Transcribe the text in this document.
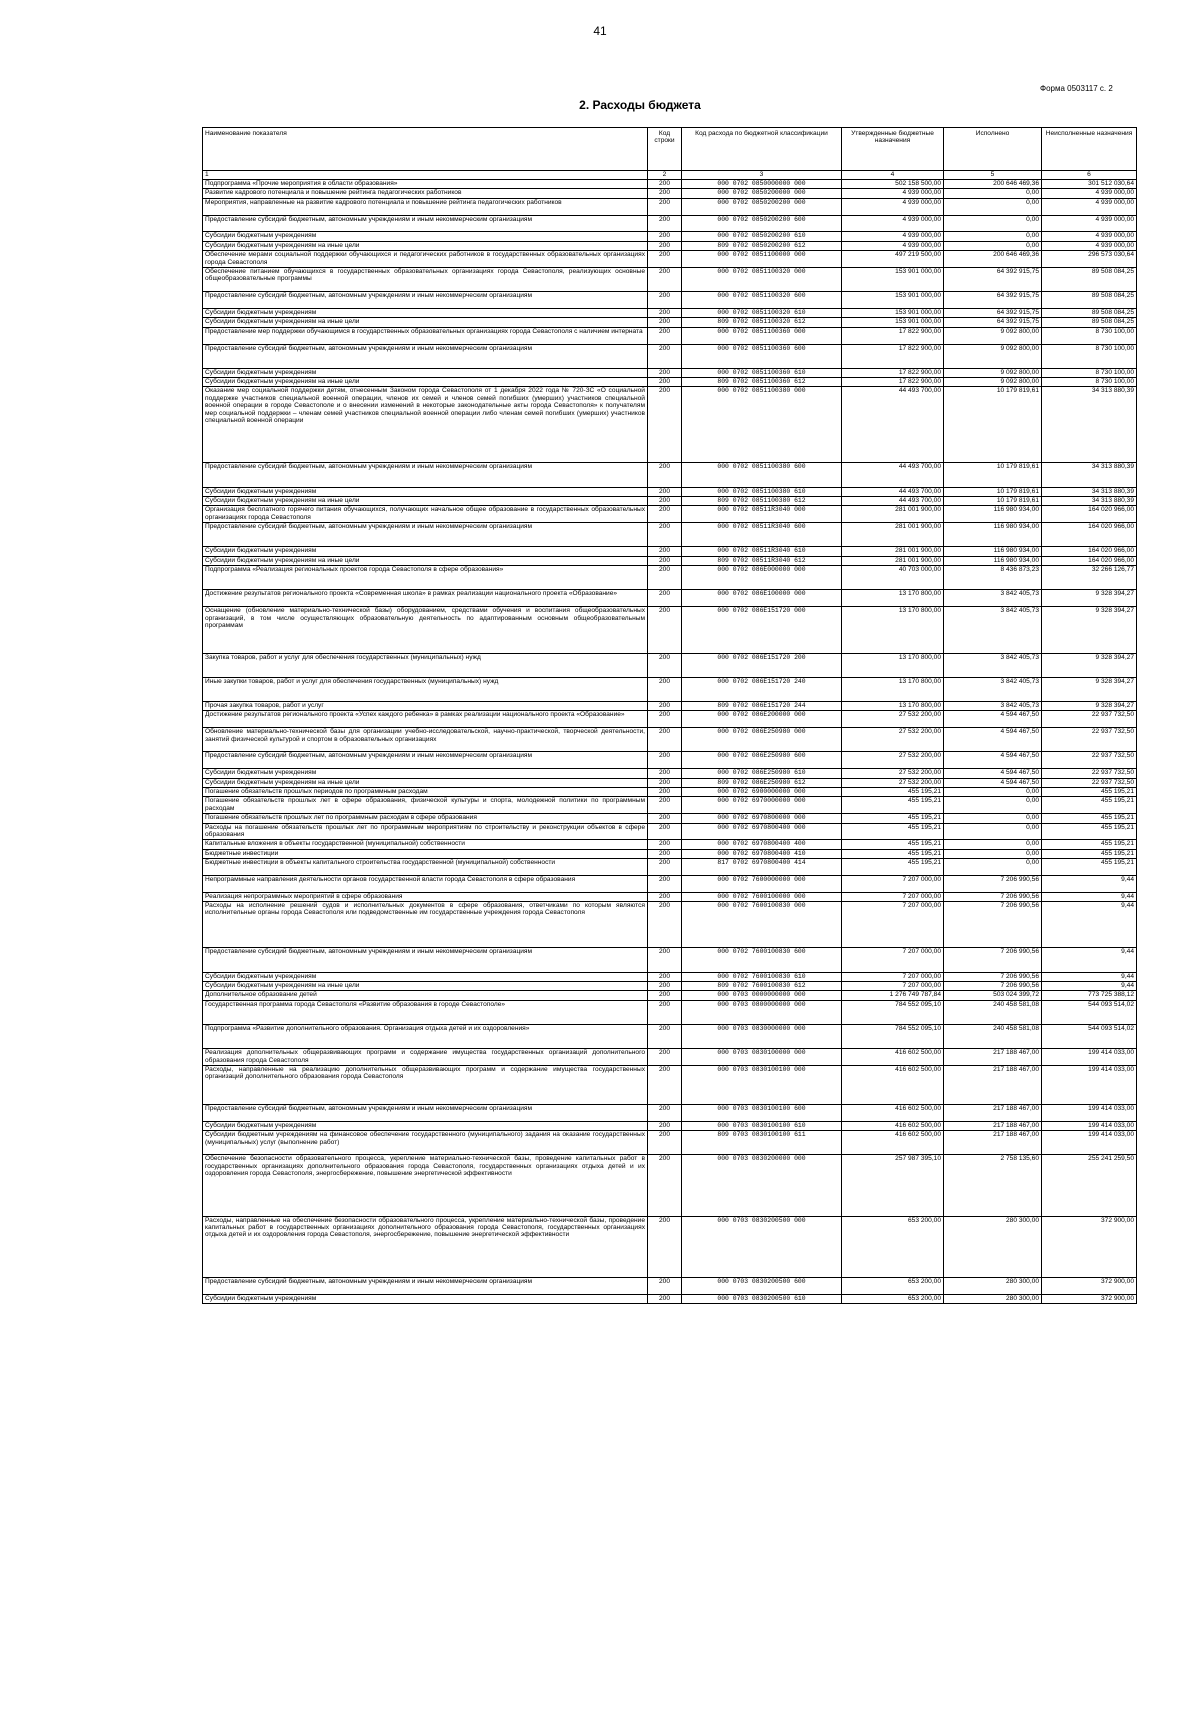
41
Форма 0503117 с. 2
2. Расходы бюджета
Наименование показателя	Код строки	Код расхода по бюджетной классификации	Утвержденные бюджетные назначения	Исполнено	Неисполненные назначения
1	2	3	4	5	6
Подпрограмма «Прочие мероприятия в области образования»	200	000 0702 0850000000 000	502 158 500,00	200 646 469,36	301 512 030,64
Развитие кадрового потенциала и повышение рейтинга педагогических работников	200	000 0702 0850200000 000	4 939 000,00	0,00	4 939 000,00
Мероприятия, направленные на развитие кадрового потенциала и повышение рейтинга педагогических работников	200	000 0702 0850200200 000	4 939 000,00	0,00	4 939 000,00
Предоставление субсидий бюджетным, автономным учреждениям и иным некоммерческим организациям	200	000 0702 0850200200 600	4 939 000,00	0,00	4 939 000,00
Субсидии бюджетным учреждениям	200	000 0702 0850200200 610	4 939 000,00	0,00	4 939 000,00
Субсидии бюджетным учреждениям на иные цели	200	809 0702 0850200200 612	4 939 000,00	0,00	4 939 000,00
Обеспечение мерами социальной поддержки обучающихся и педагогических работников в государственных образовательных организациях города Севастополя	200	000 0702 0851100000 000	497 219 500,00	200 646 469,36	296 573 030,64
Обеспечение питанием обучающихся в государственных образовательных организациях города Севастополя, реализующих основные общеобразовательные программы	200	000 0702 0851100320 000	153 901 000,00	64 392 915,75	89 508 084,25
Предоставление субсидий бюджетным, автономным учреждениям и иным некоммерческим организациям	200	000 0702 0851100320 600	153 901 000,00	64 392 915,75	89 508 084,25
Субсидии бюджетным учреждениям	200	000 0702 0851100320 610	153 901 000,00	64 392 915,75	89 508 084,25
Субсидии бюджетным учреждениям на иные цели	200	809 0702 0851100320 612	153 901 000,00	64 392 915,75	89 508 084,25
Предоставление мер поддержки обучающимся в государственных образовательных организациях города Севастополя с наличием интерната	200	000 0702 0851100360 000	17 822 900,00	9 092 800,00	8 730 100,00
Предоставление субсидий бюджетным, автономным учреждениям и иным некоммерческим организациям	200	000 0702 0851100360 600	17 822 900,00	9 092 800,00	8 730 100,00
Субсидии бюджетным учреждениям	200	000 0702 0851100360 610	17 822 900,00	9 092 800,00	8 730 100,00
Субсидии бюджетным учреждениям на иные цели	200	809 0702 0851100360 612	17 822 900,00	9 092 800,00	8 730 100,00
Оказание мер социальной поддержки детям, отнесенным Законом города Севастополя от 1 декабря 2022 года № 720-ЗС «О социальной поддержке участников специальной военной операции, членов их семей и членов семей погибших (умерших) участников специальной военной операции в городе Севастополе и о внесении изменений в некоторые законодательные акты города Севастополя» к получателям мер социальной поддержки – членам семей участников специальной военной операции либо членам семей погибших (умерших) участников специальной военной операции	200	000 0702 0851100380 000	44 493 700,00	10 179 819,61	34 313 880,39
Предоставление субсидий бюджетным, автономным учреждениям и иным некоммерческим организациям	200	000 0702 0851100380 600	44 493 700,00	10 179 819,61	34 313 880,39
Субсидии бюджетным учреждениям	200	000 0702 0851100380 610	44 493 700,00	10 179 819,61	34 313 880,39
Субсидии бюджетным учреждениям на иные цели	200	809 0702 0851100380 612	44 493 700,00	10 179 819,61	34 313 880,39
Организация бесплатного горячего питания обучающихся, получающих начальное общее образование в государственных образовательных организациях города Севастополя	200	000 0702 08511R3040 000	281 001 900,00	116 980 934,00	164 020 966,00
Предоставление субсидий бюджетным, автономным учреждениям и иным некоммерческим организациям	200	000 0702 08511R3040 600	281 001 900,00	116 980 934,00	164 020 966,00
Субсидии бюджетным учреждениям	200	000 0702 08511R3040 610	281 001 900,00	116 980 934,00	164 020 966,00
Субсидии бюджетным учреждениям на иные цели	200	809 0702 08511R3040 612	281 001 900,00	116 980 934,00	164 020 966,00
Подпрограмма «Реализация региональных проектов города Севастополя в сфере образования»	200	000 0702 086E000000 000	40 703 000,00	8 436 873,23	32 266 126,77
Достижение результатов регионального проекта «Современная школа» в рамках реализации национального проекта «Образование»	200	000 0702 086E100000 000	13 170 800,00	3 842 405,73	9 328 394,27
Оснащение (обновление материально-технической базы) оборудованием, средствами обучения и воспитания общеобразовательных организаций, в том числе осуществляющих образовательную деятельность по адаптированным основным общеобразовательным программам	200	000 0702 086E151720 000	13 170 800,00	3 842 405,73	9 328 394,27
Закупка товаров, работ и услуг для обеспечения государственных (муниципальных) нужд	200	000 0702 086E151720 200	13 170 800,00	3 842 405,73	9 328 394,27
Иные закупки товаров, работ и услуг для обеспечения государственных (муниципальных) нужд	200	000 0702 086E151720 240	13 170 800,00	3 842 405,73	9 328 394,27
Прочая закупка товаров, работ и услуг	200	809 0702 086E151720 244	13 170 800,00	3 842 405,73	9 328 394,27
Достижение результатов регионального проекта «Успех каждого ребенка» в рамках реализации национального проекта «Образование»	200	000 0702 086E200000 000	27 532 200,00	4 594 467,50	22 937 732,50
Обновление материально-технической базы для организации учебно-исследовательской, научно-практической, творческой деятельности, занятий физической культурой и спортом в образовательных организациях	200	000 0702 086E250980 000	27 532 200,00	4 594 467,50	22 937 732,50
Предоставление субсидий бюджетным, автономным учреждениям и иным некоммерческим организациям	200	000 0702 086E250980 600	27 532 200,00	4 594 467,50	22 937 732,50
Субсидии бюджетным учреждениям	200	000 0702 086E250980 610	27 532 200,00	4 594 467,50	22 937 732,50
Субсидии бюджетным учреждениям на иные цели	200	809 0702 086E250980 612	27 532 200,00	4 594 467,50	22 937 732,50
Погашение обязательств прошлых периодов по программным расходам	200	000 0702 6900000000 000	455 195,21	0,00	455 195,21
Погашение обязательств прошлых лет в сфере образования, физической культуры и спорта, молодежной политики по программным расходам	200	000 0702 6970000000 000	455 195,21	0,00	455 195,21
Погашение обязательств прошлых лет по программным расходам в сфере образования	200	000 0702 6970800000 000	455 195,21	0,00	455 195,21
Расходы на погашение обязательств прошлых лет по программным мероприятиям по строительству и реконструкции объектов в сфере образования	200	000 0702 6970800400 000	455 195,21	0,00	455 195,21
Капитальные вложения в объекты государственной (муниципальной) собственности	200	000 0702 6970800400 400	455 195,21	0,00	455 195,21
Бюджетные инвестиции	200	000 0702 6970800400 410	455 195,21	0,00	455 195,21
Бюджетные инвестиции в объекты капитального строительства государственной (муниципальной) собственности	200	817 0702 6970800400 414	455 195,21	0,00	455 195,21
Непрограммные направления деятельности органов государственной власти города Севастополя в сфере образования	200	000 0702 7600000000 000	7 207 000,00	7 206 990,56	9,44
Реализация непрограммных мероприятий в сфере образования	200	000 0702 7600100000 000	7 207 000,00	7 206 990,56	9,44
Расходы на исполнение решений судов и исполнительных документов в сфере образования, ответчиками по которым являются исполнительные органы города Севастополя или подведомственные им государственные учреждения города Севастополя	200	000 0702 7600100830 000	7 207 000,00	7 206 990,56	9,44
Предоставление субсидий бюджетным, автономным учреждениям и иным некоммерческим организациям	200	000 0702 7600100830 600	7 207 000,00	7 206 990,56	9,44
Субсидии бюджетным учреждениям	200	000 0702 7600100830 610	7 207 000,00	7 206 990,56	9,44
Субсидии бюджетным учреждениям на иные цели	200	809 0702 7600100830 612	7 207 000,00	7 206 990,56	9,44
Дополнительное образование детей	200	000 0703 0000000000 000	1 276 749 787,84	503 024 399,72	773 725 388,12
Государственная программа города Севастополя «Развитие образования в городе Севастополе»	200	000 0703 0800000000 000	784 552 095,10	240 458 581,08	544 093 514,02
Подпрограмма «Развитие дополнительного образования. Организация отдыха детей и их оздоровления»	200	000 0703 0830000000 000	784 552 095,10	240 458 581,08	544 093 514,02
Реализация дополнительных общеразвивающих программ и содержание имущества государственных организаций дополнительного образования города Севастополя	200	000 0703 0830100000 000	416 602 500,00	217 188 467,00	199 414 033,00
Расходы, направленные на реализацию дополнительных общеразвивающих программ и содержание имущества государственных организаций дополнительного образования города Севастополя	200	000 0703 0830100100 000	416 602 500,00	217 188 467,00	199 414 033,00
Предоставление субсидий бюджетным, автономным учреждениям и иным некоммерческим организациям	200	000 0703 0830100100 600	416 602 500,00	217 188 467,00	199 414 033,00
Субсидии бюджетным учреждениям	200	000 0703 0830100100 610	416 602 500,00	217 188 467,00	199 414 033,00
Субсидии бюджетным учреждениям на финансовое обеспечение государственного (муниципального) задания на оказание государственных (муниципальных) услуг (выполнение работ)	200	809 0703 0830100100 611	416 602 500,00	217 188 467,00	199 414 033,00
Обеспечение безопасности образовательного процесса, укрепление материально-технической базы, проведение капитальных работ в государственных организациях дополнительного образования города Севастополя, государственных организациях отдыха детей и их оздоровления города Севастополя, энергосбережение, повышение энергетической эффективности	200	000 0703 0830200000 000	257 987 395,10	2 758 135,60	255 241 259,50
Расходы, направленные на обеспечение безопасности образовательного процесса, укрепление материально-технической базы, проведение капитальных работ в государственных организациях дополнительного образования города Севастополя, государственных организациях отдыха детей и их оздоровления города Севастополя, энергосбережение, повышение энергетической эффективности	200	000 0703 0830200500 000	653 200,00	280 300,00	372 900,00
Предоставление субсидий бюджетным, автономным учреждениям и иным некоммерческим организациям	200	000 0703 0830200500 600	653 200,00	280 300,00	372 900,00
Субсидии бюджетным учреждениям	200	000 0703 0830200500 610	653 200,00	280 300,00	372 900,00
